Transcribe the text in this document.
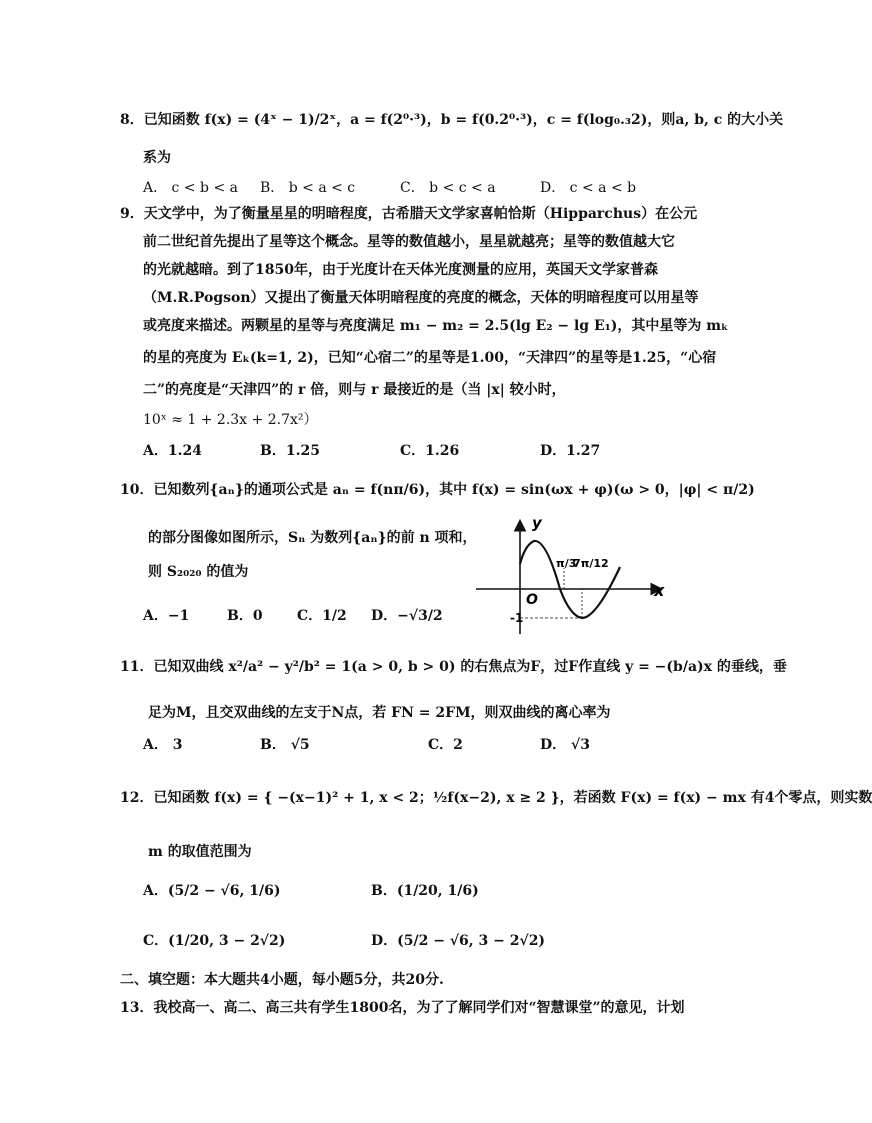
8．已知函数 f(x) = (4ˣ − 1)/2ˣ，a = f(2⁰·³)，b = f(0.2⁰·³)，c = f(log₀.₃2)，则a, b, c 的大小关
系为
A． c < b < a	B． b < a < c	C． b < c < a	D． c < a < b
9．天文学中，为了衡量星星的明暗程度，古希腊天文学家喜帕恰斯（Hipparchus）在公元
前二世纪首先提出了星等这个概念。星等的数值越小，星星就越亮；星等的数值越大它
的光就越暗。到了1850年，由于光度计在天体光度测量的应用，英国天文学家普森
（M.R.Pogson）又提出了衡量天体明暗程度的亮度的概念，天体的明暗程度可以用星等
或亮度来描述。两颗星的星等与亮度满足 m₁ − m₂ = 2.5(lg E₂ − lg E₁)，其中星等为 mₖ
的星的亮度为 Eₖ(k=1, 2)，已知“心宿二”的星等是1.00，“天津四”的星等是1.25，“心宿
二”的亮度是“天津四”的 r 倍，则与 r 最接近的是（当 |x| 较小时，
10ˣ ≈ 1 + 2.3x + 2.7x²）
A．1.24	B．1.25	C．1.26	D．1.27
10．已知数列{aₙ}的通项公式是 aₙ = f(nπ/6)，其中 f(x) = sin(ωx + φ)(ω > 0，|φ| < π/2)
的部分图像如图所示，Sₙ 为数列{aₙ}的前 n 项和，
则 S₂₀₂₀ 的值为
A．−1	B．0	C．1/2	D．−√3/2
y
x
O
π/3
7π/12
-1
11．已知双曲线 x²/a² − y²/b² = 1(a > 0, b > 0) 的右焦点为F，过F作直线 y = −(b/a)x 的垂线，垂
足为M，且交双曲线的左支于N点，若 FN = 2FM，则双曲线的离心率为
A． 3	B． √5	C．2	D． √3
12．已知函数 f(x) = { −(x−1)² + 1, x < 2；½f(x−2), x ≥ 2 }，若函数 F(x) = f(x) − mx 有4个零点，则实数
m 的取值范围为
A．(5/2 − √6, 1/6)	B．(1/20, 1/6)
C．(1/20, 3 − 2√2)	D．(5/2 − √6, 3 − 2√2)
二、填空题：本大题共4小题，每小题5分，共20分.
13．我校高一、高二、高三共有学生1800名，为了了解同学们对“智慧课堂”的意见，计划
